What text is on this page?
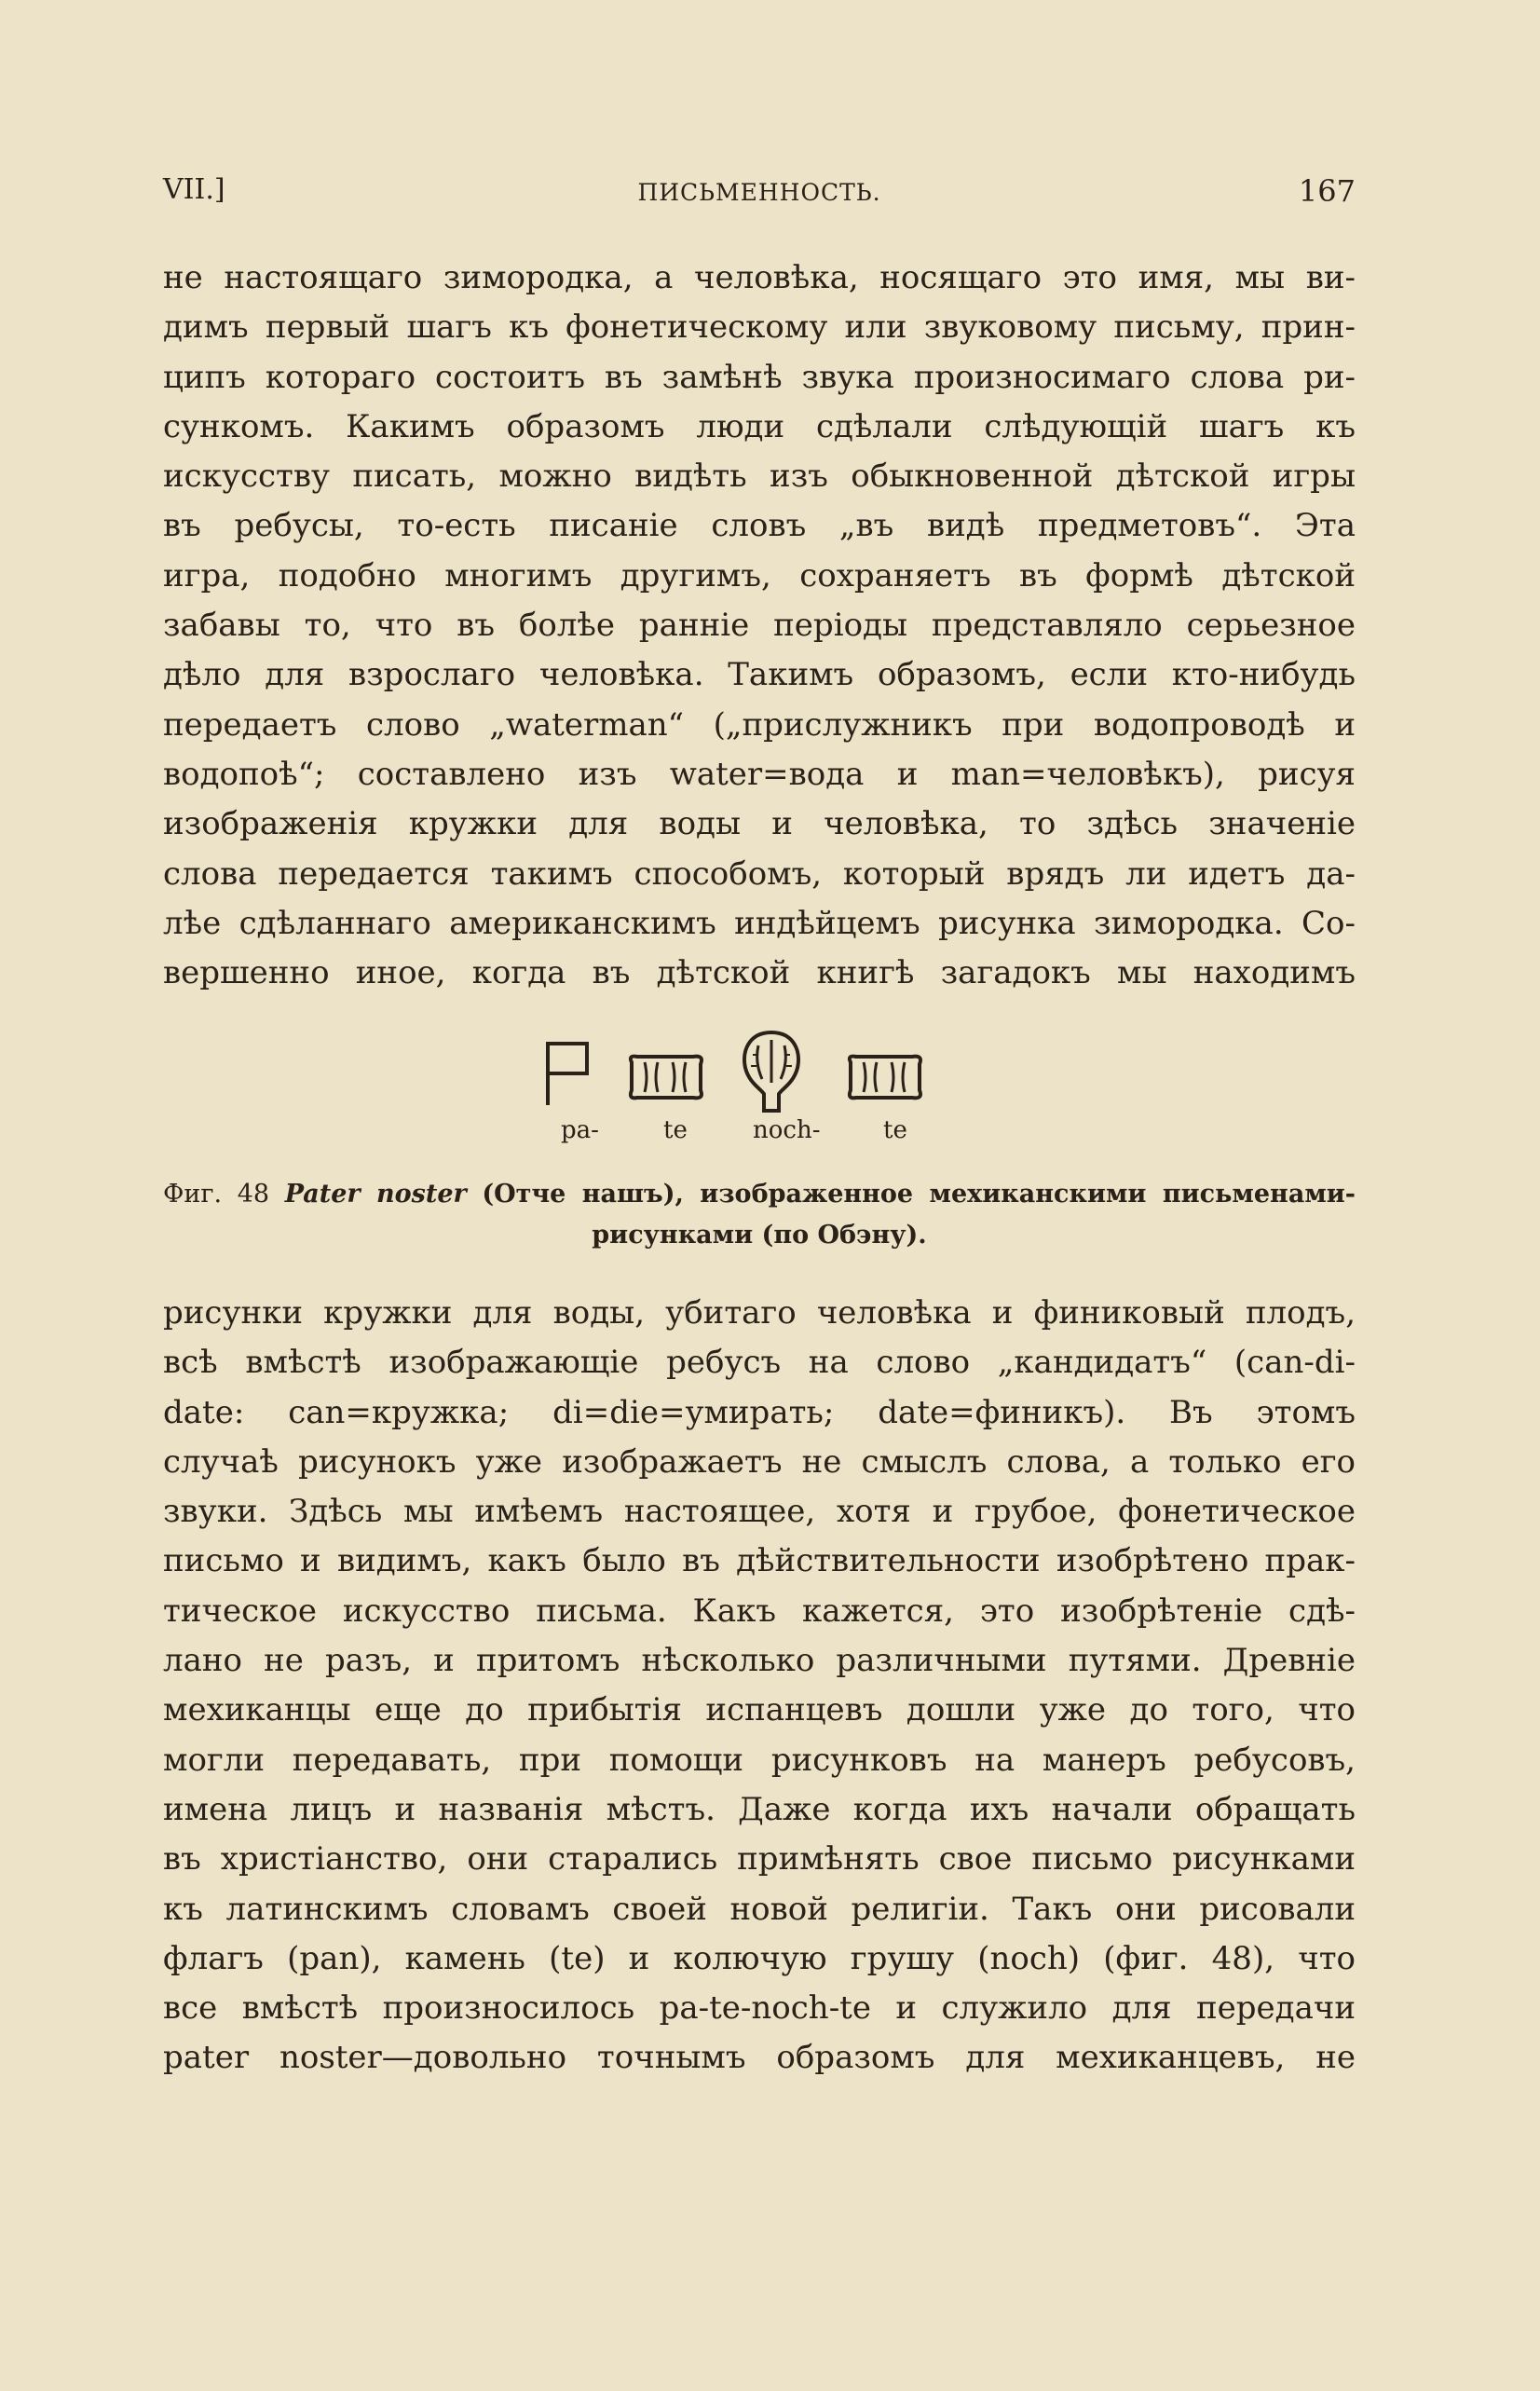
VII.]	ПИСЬМЕННОСТЬ.	167
не настоящаго зимородка, а человѣка, носящаго это имя, мы ви-
димъ первый шагъ къ фонетическому или звуковому письму, прин-
ципъ котораго состоитъ въ замѣнѣ звука произносимаго слова ри-
сункомъ. Какимъ образомъ люди сдѣлали слѣдующій шагъ къ
искусству писать, можно видѣть изъ обыкновенной дѣтской игры
въ ребусы, то-есть писаніе словъ „въ видѣ предметовъ“. Эта
игра, подобно многимъ другимъ, сохраняетъ въ формѣ дѣтской
забавы то, что въ болѣе ранніе періоды представляло серьезное
дѣло для взрослаго человѣка. Такимъ образомъ, если кто-нибудь
передаетъ слово „waterman“ („прислужникъ при водопроводѣ и
водопоѣ“; составлено изъ water=вода и man=человѣкъ), рисуя
изображенія кружки для воды и человѣка, то здѣсь значеніе
слова передается такимъ способомъ, который врядъ ли идетъ да-
лѣе сдѣланнаго американскимъ индѣйцемъ рисунка зимородка. Со-
вершенно иное, когда въ дѣтской книгѣ загадокъ мы находимъ
pa-	te	noch-	te
Фиг. 48 Pater noster (Отче нашъ), изображенное мехиканскими письменами-
рисунками (по Обэну).
рисунки кружки для воды, убитаго человѣка и финиковый плодъ,
всѣ вмѣстѣ изображающіе ребусъ на слово „кандидатъ“ (can-di-
date: can=кружка; di=die=умирать; date=финикъ). Въ этомъ
случаѣ рисунокъ уже изображаетъ не смыслъ слова, а только его
звуки. Здѣсь мы имѣемъ настоящее, хотя и грубое, фонетическое
письмо и видимъ, какъ было въ дѣйствительности изобрѣтено прак-
тическое искусство письма. Какъ кажется, это изобрѣтеніе сдѣ-
лано не разъ, и притомъ нѣсколько различными путями. Древніе
мехиканцы еще до прибытія испанцевъ дошли уже до того, что
могли передавать, при помощи рисунковъ на манеръ ребусовъ,
имена лицъ и названія мѣстъ. Даже когда ихъ начали обращать
въ христіанство, они старались примѣнять свое письмо рисунками
къ латинскимъ словамъ своей новой религіи. Такъ они рисовали
флагъ (pan), камень (te) и колючую грушу (noch) (фиг. 48), что
все вмѣстѣ произносилось pa-te-noch-te и служило для передачи
pater noster—довольно точнымъ образомъ для мехиканцевъ, не
